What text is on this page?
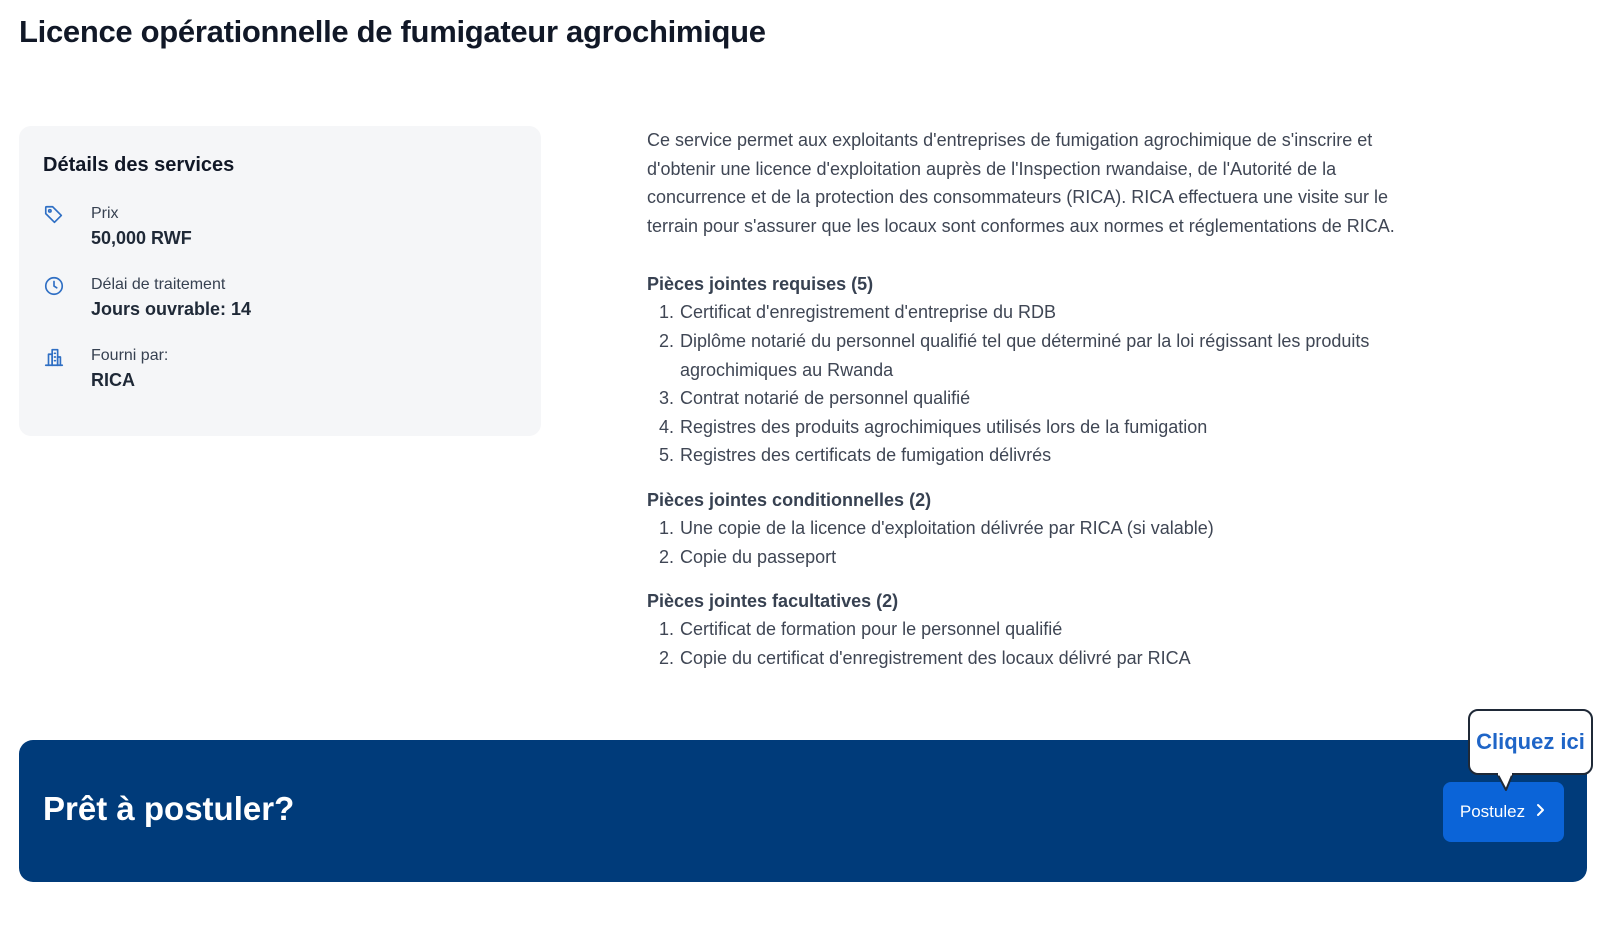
Licence opérationnelle de fumigateur agrochimique
Détails des services
Prix
50,000 RWF
Délai de traitement
Jours ouvrable: 14
Fourni par:
RICA

Ce service permet aux exploitants d'entreprises de fumigation agrochimique de s'inscrire et d'obtenir une licence d'exploitation auprès de l'Inspection rwandaise, de l'Autorité de la concurrence et de la protection des consommateurs (RICA). RICA effectuera une visite sur le terrain pour s'assurer que les locaux sont conformes aux normes et réglementations de RICA.

Pièces jointes requises (5)
1. Certificat d'enregistrement d'entreprise du RDB
2. Diplôme notarié du personnel qualifié tel que déterminé par la loi régissant les produits agrochimiques au Rwanda
3. Contrat notarié de personnel qualifié
4. Registres des produits agrochimiques utilisés lors de la fumigation
5. Registres des certificats de fumigation délivrés
Pièces jointes conditionnelles (2)
1. Une copie de la licence d'exploitation délivrée par RICA (si valable)
2. Copie du passeport
Pièces jointes facultatives (2)
1. Certificat de formation pour le personnel qualifié
2. Copie du certificat d'enregistrement des locaux délivré par RICA
Prêt à postuler?	Postulez
Cliquez ici
